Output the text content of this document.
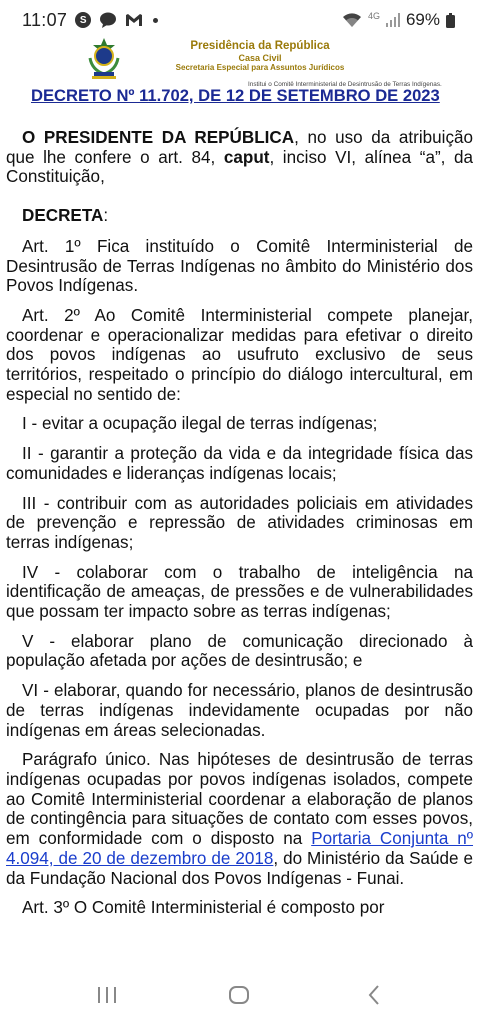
11:07	S	4G 69%
Presidência da República
Casa Civil
Secretaria Especial para Assuntos Jurídicos
Institui o Comitê Interministerial de Desintrusão de Terras Indígenas.
DECRETO Nº 11.702, DE 12 DE SETEMBRO DE 2023

O PRESIDENTE DA REPÚBLICA, no uso da atribuição que lhe confere o art. 84, caput, inciso VI, alínea “a”, da Constituição,

DECRETA:

Art. 1º Fica instituído o Comitê Interministerial de Desintrusão de Terras Indígenas no âmbito do Ministério dos Povos Indígenas.

Art. 2º Ao Comitê Interministerial compete planejar, coordenar e operacionalizar medidas para efetivar o direito dos povos indígenas ao usufruto exclusivo de seus territórios, respeitado o princípio do diálogo intercultural, em especial no sentido de:

I - evitar a ocupação ilegal de terras indígenas;

II - garantir a proteção da vida e da integridade física das comunidades e lideranças indígenas locais;

III - contribuir com as autoridades policiais em atividades de prevenção e repressão de atividades criminosas em terras indígenas;

IV - colaborar com o trabalho de inteligência na identificação de ameaças, de pressões e de vulnerabilidades que possam ter impacto sobre as terras indígenas;

V - elaborar plano de comunicação direcionado à população afetada por ações de desintrusão; e

VI - elaborar, quando for necessário, planos de desintrusão de terras indígenas indevidamente ocupadas por não indígenas em áreas selecionadas.

Parágrafo único. Nas hipóteses de desintrusão de terras indígenas ocupadas por povos indígenas isolados, compete ao Comitê Interministerial coordenar a elaboração de planos de contingência para situações de contato com esses povos, em conformidade com o disposto na Portaria Conjunta nº 4.094, de 20 de dezembro de 2018, do Ministério da Saúde e da Fundação Nacional dos Povos Indígenas - Funai.

Art. 3º O Comitê Interministerial é composto por
